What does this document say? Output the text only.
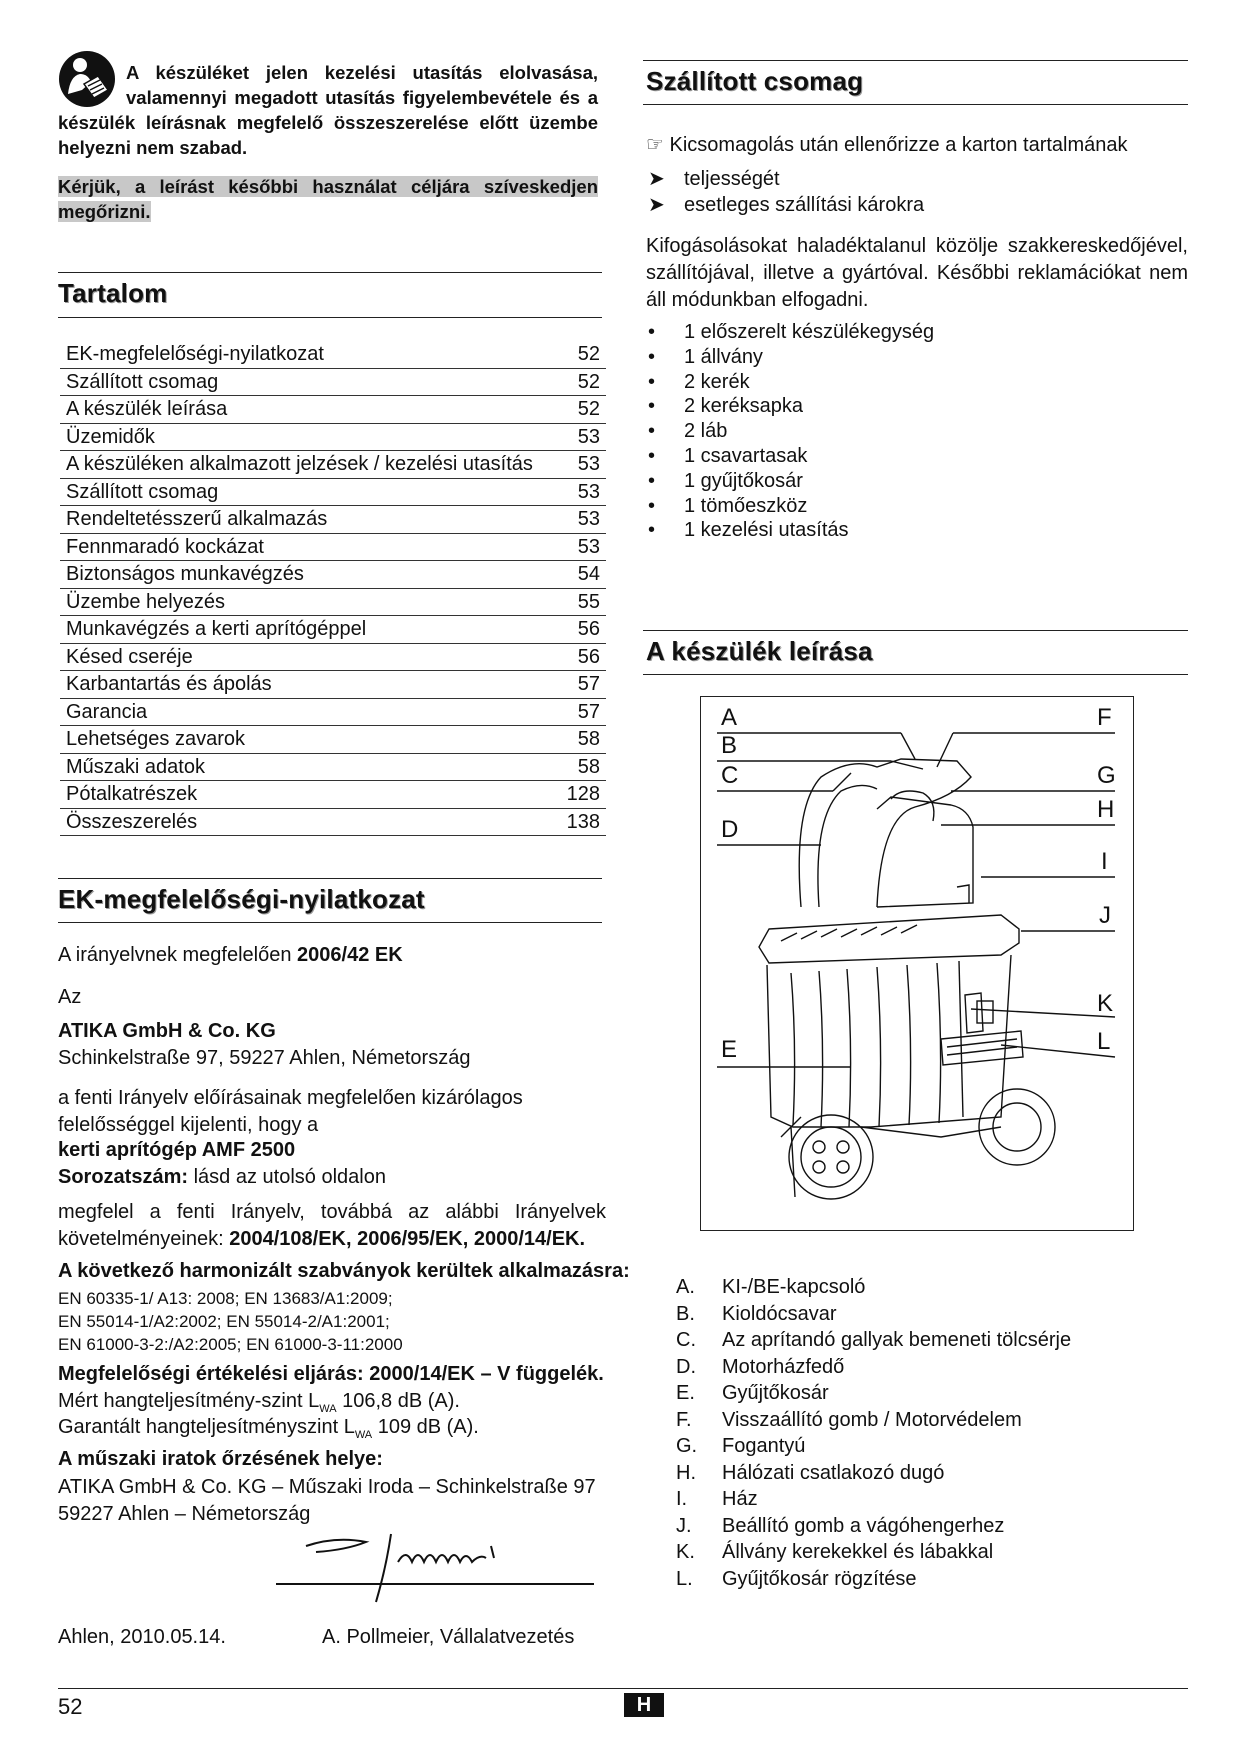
A készüléket jelen kezelési utasítás elolvasása, valamennyi megadott utasítás figyelembevétele és a készülék leírásnak megfelelő összeszerelése előtt üzembe helyezni nem szabad.
Kérjük, a leírást későbbi használat céljára szíveskedjen megőrizni.
Tartalom
EK-megfelelőségi-nyilatkozat	52
Szállított csomag	52
A készülék leírása	52
Üzemidők	53
A készüléken alkalmazott jelzések / kezelési utasítás 53
Szállított csomag	53
Rendeltetésszerű alkalmazás	53
Fennmaradó kockázat	53
Biztonságos munkavégzés	54
Üzembe helyezés	55
Munkavégzés a kerti aprítógéppel	56
Késed cseréje	56
Karbantartás és ápolás	57
Garancia	57
Lehetséges zavarok	58
Műszaki adatok	58
Pótalkatrészek	128
Összeszerelés	138
EK-megfelelőségi-nyilatkozat
A irányelvnek megfelelően 2006/42 EK
Az
ATIKA GmbH & Co. KG
Schinkelstraße 97, 59227 Ahlen, Németország
a fenti Irányelv előírásainak megfelelően kizárólagos
felelősséggel kijelenti, hogy a
kerti aprítógép AMF 2500
Sorozatszám: lásd az utolsó oldalon
megfelel a fenti Irányelv, továbbá az alábbi Irányelvek követelményeinek: 2004/108/EK, 2006/95/EK, 2000/14/EK.
A következő harmonizált szabványok kerültek alkalmazásra:
EN 60335-1/ A13: 2008; EN 13683/A1:2009;
EN 55014-1/A2:2002; EN 55014-2/A1:2001;
EN 61000-3-2:/A2:2005; EN 61000-3-11:2000
Megfelelőségi értékelési eljárás: 2000/14/EK – V függelék.
Mért hangteljesítmény-szint $L_{WA}$ 106,8 dB (A).
Garantált hangteljesítményszint $L_{WA}$ 109 dB (A).
A műszaki iratok őrzésének helye:
ATIKA GmbH & Co. KG – Műszaki Iroda – Schinkelstraße 97
59227 Ahlen – Németország
Ahlen, 2010.05.14.	A. Pollmeier, Vállalatvezetés
Szállított csomag
☞ Kicsomagolás után ellenőrizze a karton tartalmának
➤ teljességét
➤ esetleges szállítási károkra
Kifogásolásokat haladéktalanul közölje szakkereskedőjével, szállítójával, illetve a gyártóval. Későbbi reklamációkat nem áll módunkban elfogadni.
• 1 előszerelt készülékegység
• 1 állvány
• 2 kerék
• 2 keréksapka
• 2 láb
• 1 csavartasak
• 1 gyűjtőkosár
• 1 tömőeszköz
• 1 kezelési utasítás
A készülék leírása
A
B
C
D
E
F
G
H
I
J
K
L
A.	KI-/BE-kapcsoló
B.	Kioldócsavar
C.	Az aprítandó gallyak bemeneti tölcsérje
D.	Motorházfedő
E.	Gyűjtőkosár
F.	Visszaállító gomb / Motorvédelem
G.	Fogantyú
H.	Hálózati csatlakozó dugó
I.	Ház
J.	Beállító gomb a vágóhengerhez
K.	Állvány kerekekkel és lábakkal
L.	Gyűjtőkosár rögzítése
52	H
